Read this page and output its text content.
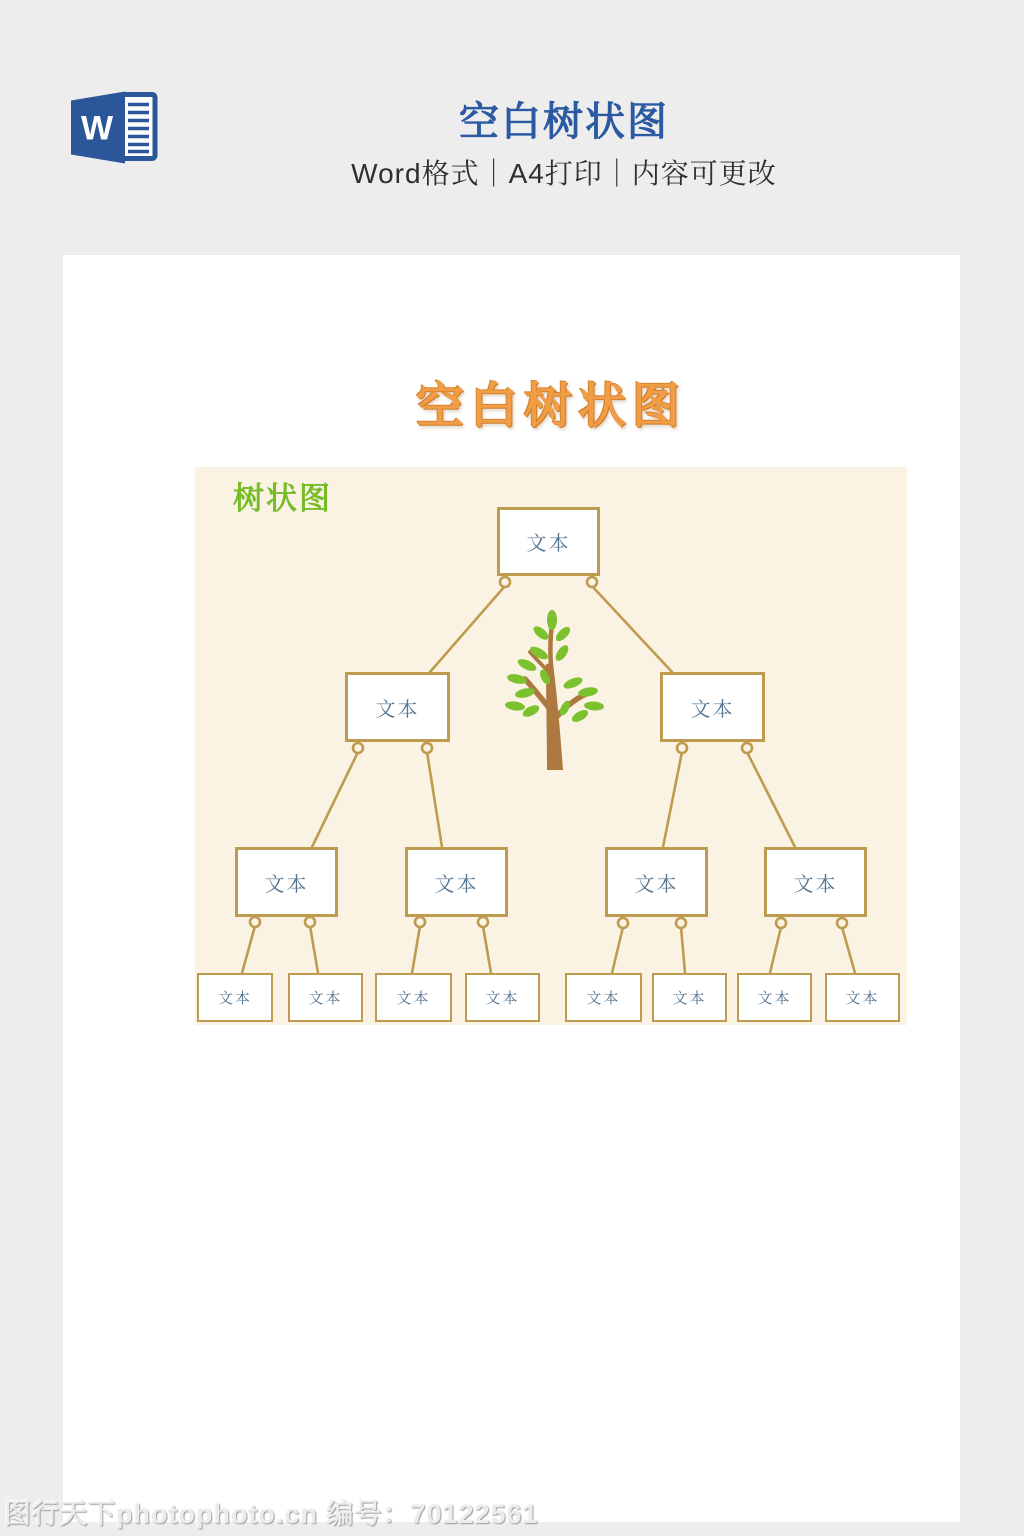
W	空白树状图

Word格式｜A4打印｜内容可更改

空白树状图
树状图
文本
文本	文本
文本	文本	文本	文本
文本	文本	文本	文本	文本	文本	文本	文本
图行天下photophoto.cn 编号：70122561
